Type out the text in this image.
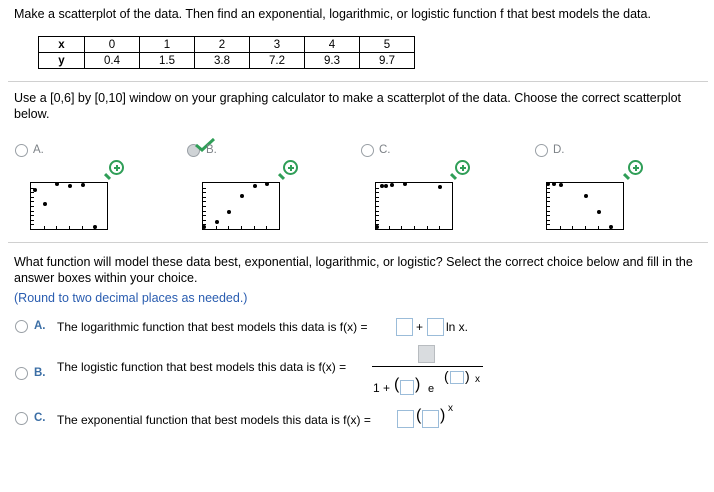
Make a scatterplot of the data. Then find an exponential, logarithmic, or logistic function f that best models the data.
x	0	1	2	3	4	5
y	0.4	1.5	3.8	7.2	9.3	9.7
Use a [0,6] by [0,10] window on your graphing calculator to make a scatterplot of the data. Choose the correct scatterplot below.
A.	B.	C.	D.
What function will model these data best, exponential, logarithmic, or logistic? Select the correct choice below and fill in the answer boxes within your choice.
(Round to two decimal places as needed.)
A. The logarithmic function that best models this data is f(x) =	+ ln x.
B. The logistic function that best models this data is f(x) =
1 + ( ) e
( ) x
C. The exponential function that best models this data is f(x) =	( ) x
